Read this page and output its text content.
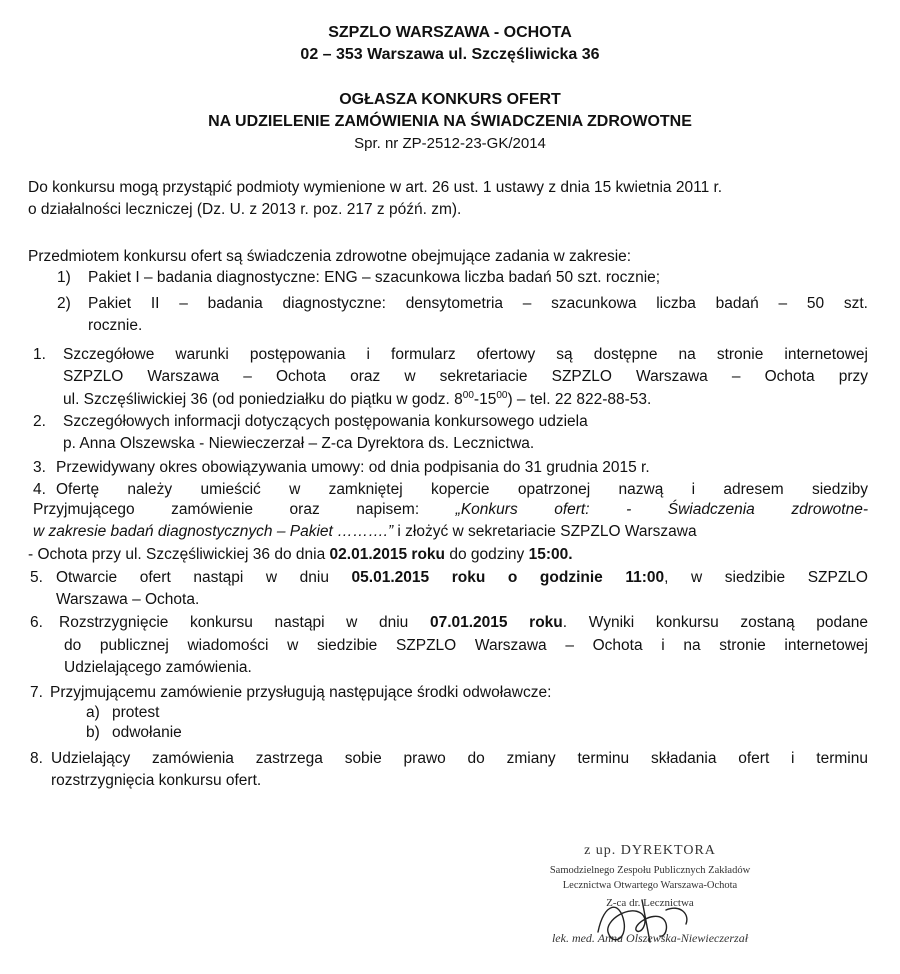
SZPZLO WARSZAWA - OCHOTA
02 – 353 Warszawa ul. Szczęśliwicka 36
OGŁASZA KONKURS OFERT
NA UDZIELENIE ZAMÓWIENIA NA ŚWIADCZENIA ZDROWOTNE
Spr. nr ZP-2512-23-GK/2014
Do konkursu mogą przystąpić podmioty wymienione w art. 26 ust. 1 ustawy z dnia 15 kwietnia 2011 r.
o działalności leczniczej (Dz. U. z 2013 r. poz. 217 z późń. zm).
Przedmiotem konkursu ofert są świadczenia zdrowotne obejmujące zadania w zakresie:
1) Pakiet I – badania diagnostyczne: ENG – szacunkowa liczba badań 50 szt. rocznie;
2) Pakiet II – badania diagnostyczne: densytometria – szacunkowa liczba badań – 50 szt.
rocznie.
1. Szczegółowe warunki postępowania i formularz ofertowy są dostępne na stronie internetowej
SZPZLO Warszawa – Ochota oraz w sekretariacie SZPZLO Warszawa – Ochota przy
ul. Szczęśliwickiej 36 (od poniedziałku do piątku w godz. $8^{00}-15^{00}$) – tel. 22 822-88-53.
2. Szczegółowych informacji dotyczących postępowania konkursowego udziela
p. Anna Olszewska - Niewieczerzał – Z-ca Dyrektora ds. Lecznictwa.
3. Przewidywany okres obowiązywania umowy: od dnia podpisania do 31 grudnia 2015 r.
4. Ofertę należy umieścić w zamkniętej kopercie opatrzonej nazwą i adresem siedziby
Przyjmującego zamówienie oraz napisem: „Konkurs ofert: - Świadczenia zdrowotne-
w zakresie badań diagnostycznych – Pakiet ……….” i złożyć w sekretariacie SZPZLO Warszawa
- Ochota przy ul. Szczęśliwickiej 36 do dnia 02.01.2015 roku do godziny 15:00.
5. Otwarcie ofert nastąpi w dniu 05.01.2015 roku o godzinie 11:00, w siedzibie SZPZLO
Warszawa – Ochota.
6. Rozstrzygnięcie konkursu nastąpi w dniu 07.01.2015 roku. Wyniki konkursu zostaną podane
do publicznej wiadomości w siedzibie SZPZLO Warszawa – Ochota i na stronie internetowej
Udzielającego zamówienia.
7. Przyjmującemu zamówienie przysługują następujące środki odwoławcze:
a) protest
b) odwołanie
8. Udzielający zamówienia zastrzega sobie prawo do zmiany terminu składania ofert i terminu
rozstrzygnięcia konkursu ofert.
z up. DYREKTORA
Samodzielnego Zespołu Publicznych Zakładów
Lecznictwa Otwartego Warszawa-Ochota
Z-ca dr. Lecznictwa
lek. med. Anna Olszewska-Niewieczerzał
